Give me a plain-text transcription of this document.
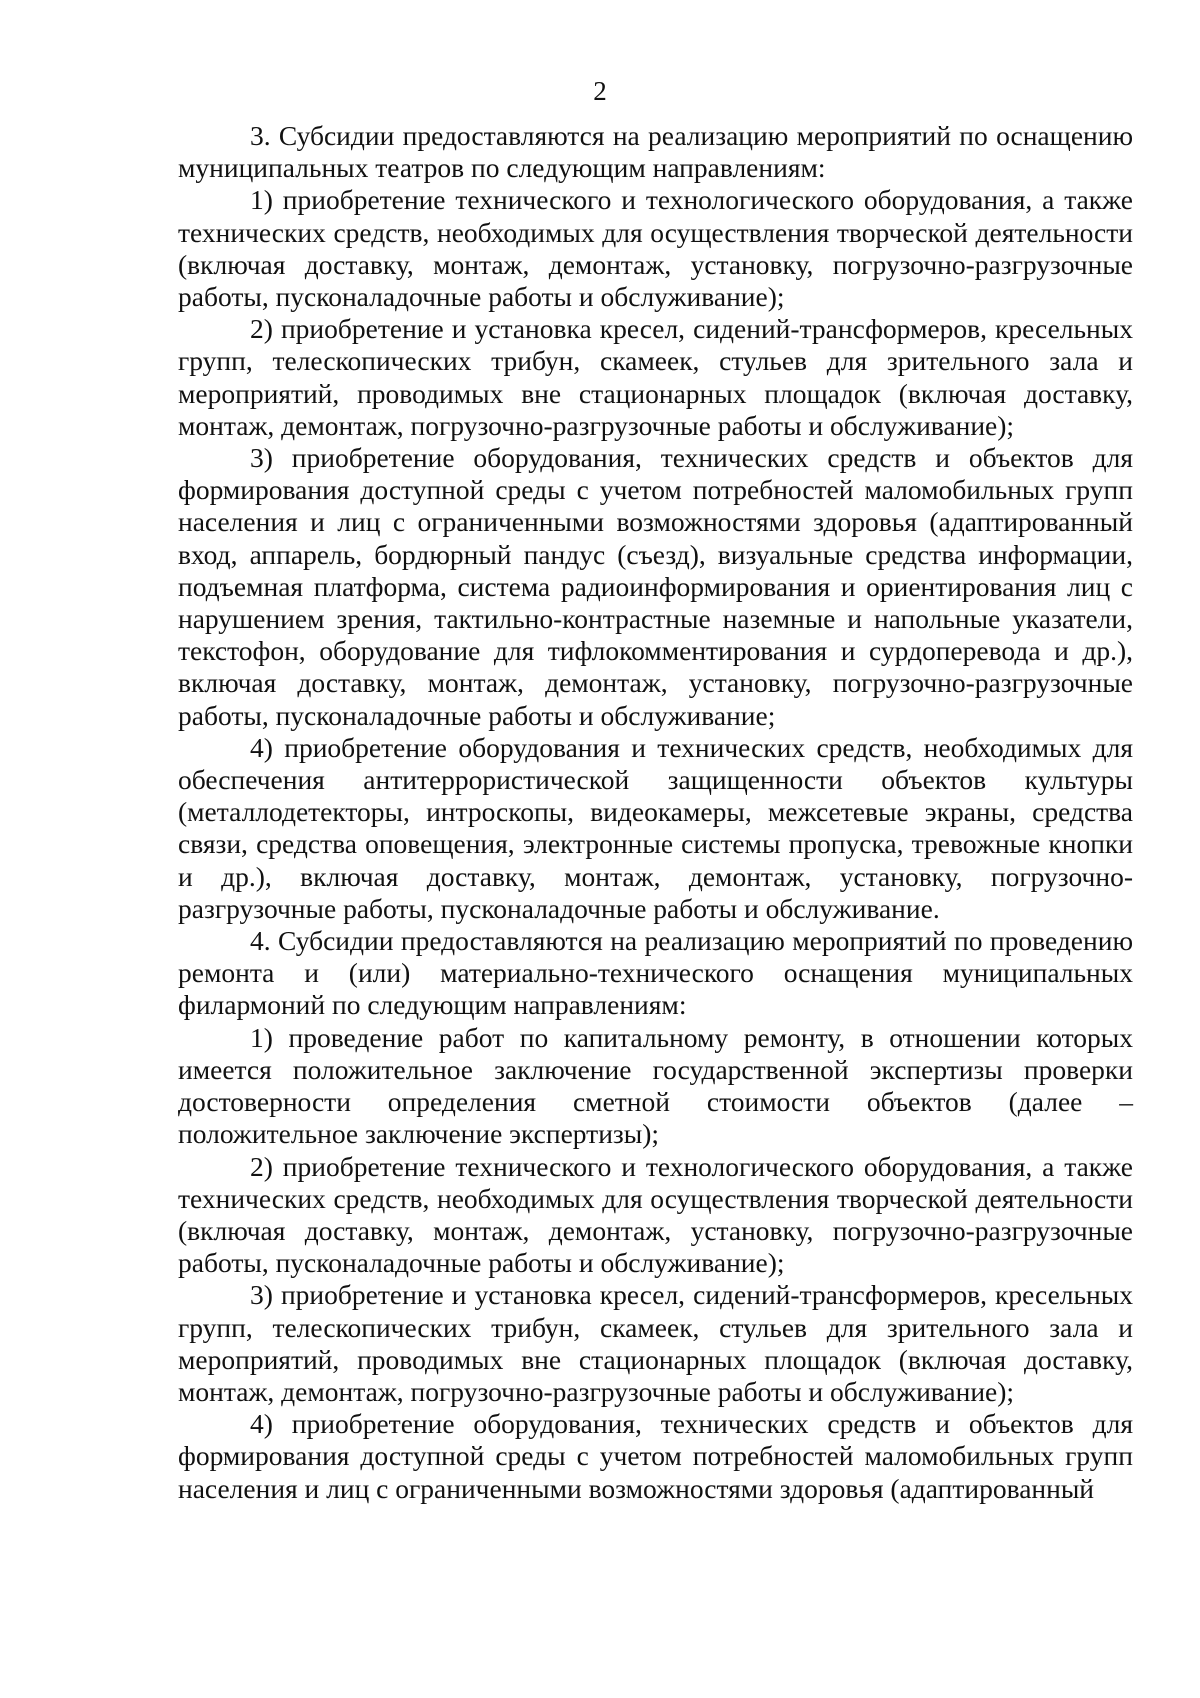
2

3. Субсидии предоставляются на реализацию мероприятий по оснащению муниципальных театров по следующим направлениям:

1) приобретение технического и технологического оборудования, а также технических средств, необходимых для осуществления творческой деятельности (включая доставку, монтаж, демонтаж, установку, погрузочно-разгрузочные работы, пусконаладочные работы и обслуживание);

2) приобретение и установка кресел, сидений-трансформеров, кресельных групп, телескопических трибун, скамеек, стульев для зрительного зала и мероприятий, проводимых вне стационарных площадок (включая доставку, монтаж, демонтаж, погрузочно-разгрузочные работы и обслуживание);

3) приобретение оборудования, технических средств и объектов для формирования доступной среды с учетом потребностей маломобильных групп населения и лиц с ограниченными возможностями здоровья (адаптированный вход, аппарель, бордюрный пандус (съезд), визуальные средства информации, подъемная платформа, система радиоинформирования и ориентирования лиц с нарушением зрения, тактильно-контрастные наземные и напольные указатели, текстофон, оборудование для тифлокомментирования и сурдоперевода и др.), включая доставку, монтаж, демонтаж, установку, погрузочно-разгрузочные работы, пусконаладочные работы и обслуживание;

4) приобретение оборудования и технических средств, необходимых для обеспечения антитеррористической защищенности объектов культуры (металлодетекторы, интроскопы, видеокамеры, межсетевые экраны, средства связи, средства оповещения, электронные системы пропуска, тревожные кнопки и др.), включая доставку, монтаж, демонтаж, установку, погрузочно-разгрузочные работы, пусконаладочные работы и обслуживание.

4. Субсидии предоставляются на реализацию мероприятий по проведению ремонта и (или) материально-технического оснащения муниципальных филармоний по следующим направлениям:

1) проведение работ по капитальному ремонту, в отношении которых имеется положительное заключение государственной экспертизы проверки достоверности определения сметной стоимости объектов (далее – положительное заключение экспертизы);

2) приобретение технического и технологического оборудования, а также технических средств, необходимых для осуществления творческой деятельности (включая доставку, монтаж, демонтаж, установку, погрузочно-разгрузочные работы, пусконаладочные работы и обслуживание);

3) приобретение и установка кресел, сидений-трансформеров, кресельных групп, телескопических трибун, скамеек, стульев для зрительного зала и мероприятий, проводимых вне стационарных площадок (включая доставку, монтаж, демонтаж, погрузочно-разгрузочные работы и обслуживание);

4) приобретение оборудования, технических средств и объектов для формирования доступной среды с учетом потребностей маломобильных групп населения и лиц с ограниченными возможностями здоровья (адаптированный
